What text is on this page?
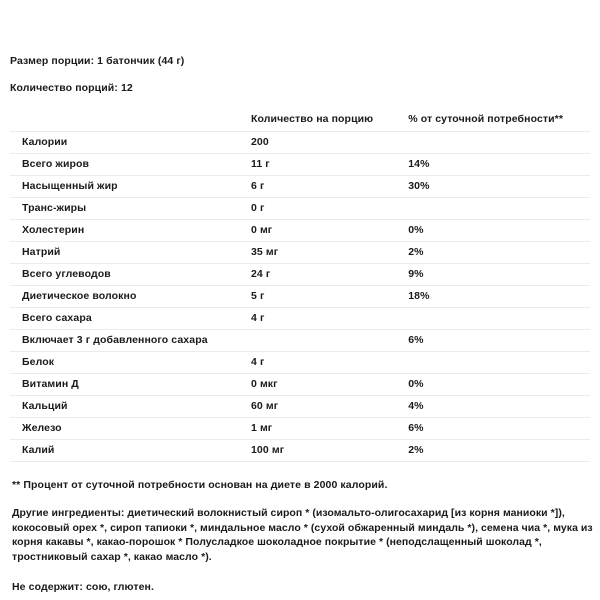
Размер порции: 1 батончик (44 г)
Количество порций: 12
	Количество на порцию	% от суточной потребности**
Калории	200	
Всего жиров	11 г	14%
Насыщенный жир	6 г	30%
Транс-жиры	0 г	
Холестерин	0 мг	0%
Натрий	35 мг	2%
Всего углеводов	24 г	9%
Диетическое волокно	5 г	18%
Всего сахара	4 г	
Включает 3 г добавленного сахара		6%
Белок	4 г	
Витамин Д	0 мкг	0%
Кальций	60 мг	4%
Железо	1 мг	6%
Калий	100 мг	2%
** Процент от суточной потребности основан на диете в 2000 калорий.
Другие ингредиенты: диетический волокнистый сироп * (изомальто-олигосахарид [из корня маниоки *]), кокосовый орех *, сироп тапиоки *, миндальное масло * (сухой обжаренный миндаль *), семена чиа *, мука из корня какавы *, какао-порошок * Полусладкое шоколадное покрытие * (неподслащенный шоколад *, тростниковый сахар *, какао масло *).
Не содержит: сою, глютен.
